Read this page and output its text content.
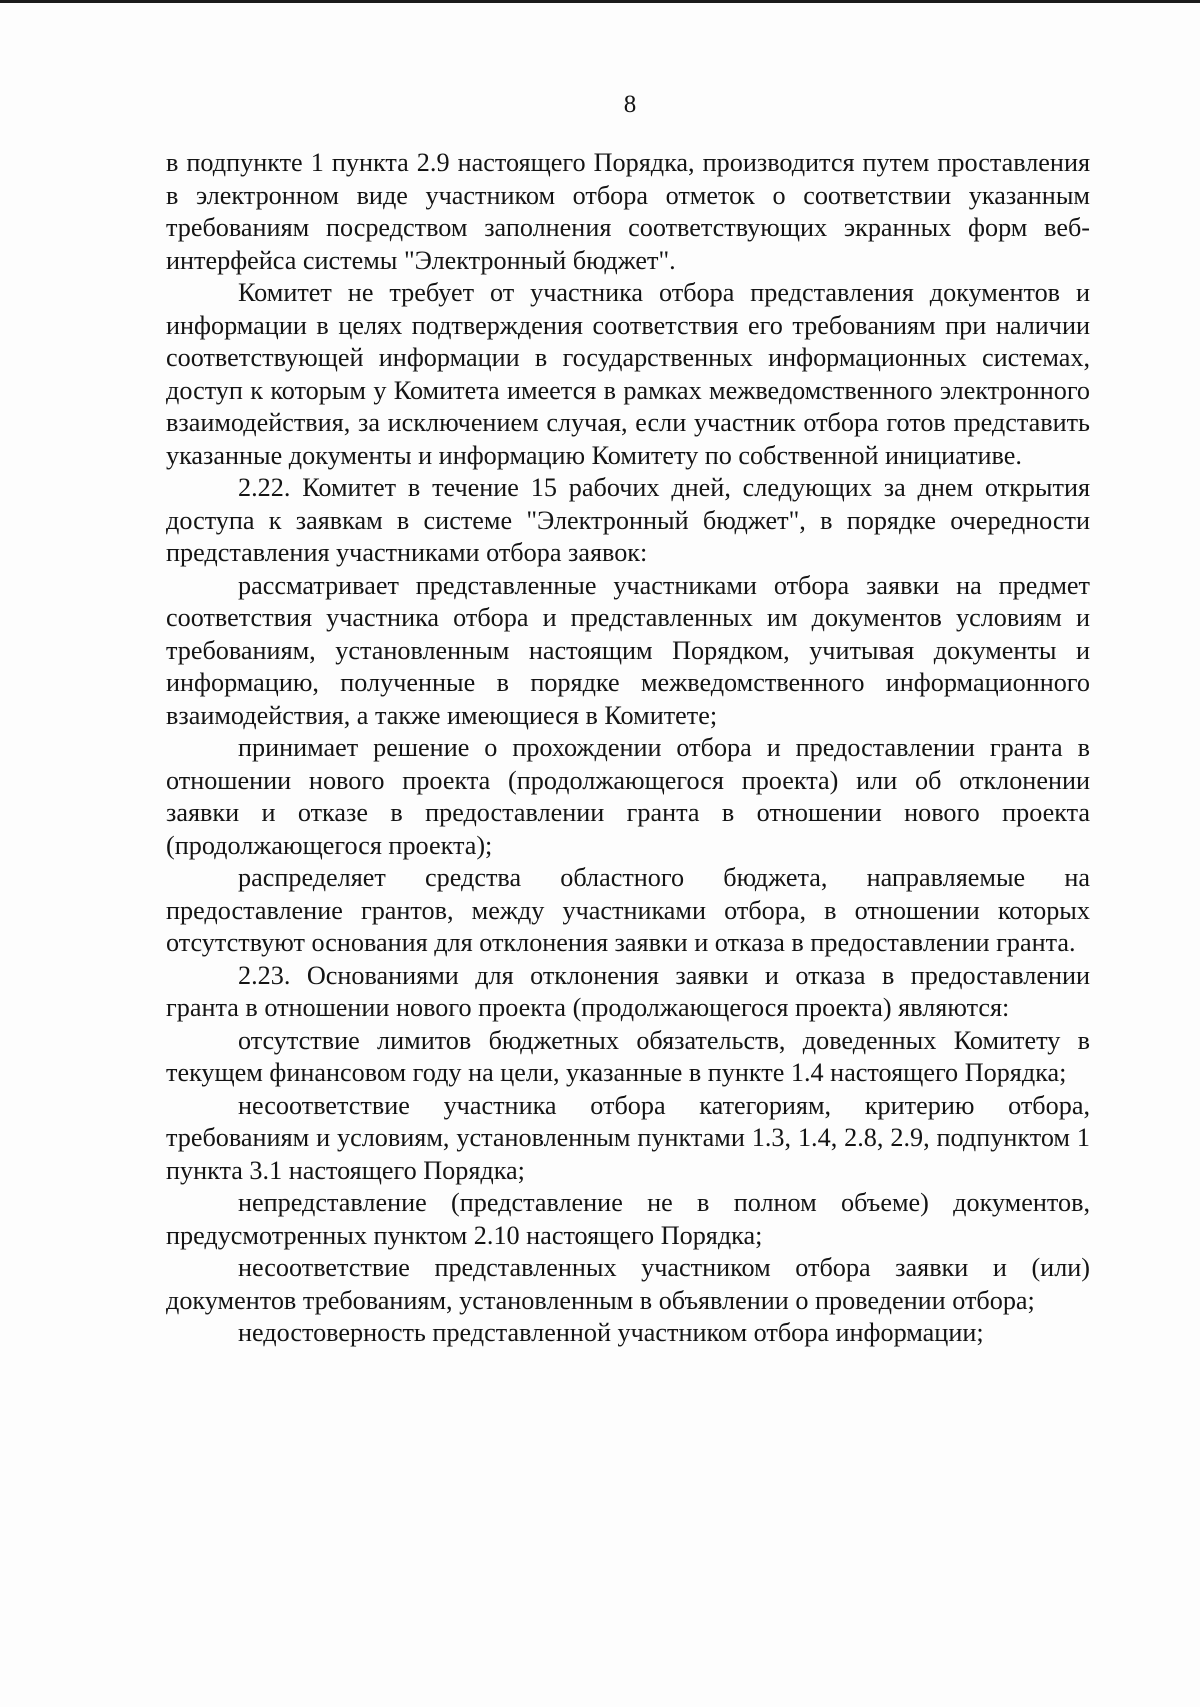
8

в подпункте 1 пункта 2.9 настоящего Порядка, производится путем проставления в электронном виде участником отбора отметок о соответствии указанным требованиям посредством заполнения соответствующих экранных форм веб-интерфейса системы "Электронный бюджет".

Комитет не требует от участника отбора представления документов и информации в целях подтверждения соответствия его требованиям при наличии соответствующей информации в государственных информационных системах, доступ к которым у Комитета имеется в рамках межведомственного электронного взаимодействия, за исключением случая, если участник отбора готов представить указанные документы и информацию Комитету по собственной инициативе.

2.22. Комитет в течение 15 рабочих дней, следующих за днем открытия доступа к заявкам в системе "Электронный бюджет", в порядке очередности представления участниками отбора заявок:

рассматривает представленные участниками отбора заявки на предмет соответствия участника отбора и представленных им документов условиям и требованиям, установленным настоящим Порядком, учитывая документы и информацию, полученные в порядке межведомственного информационного взаимодействия, а также имеющиеся в Комитете;

принимает решение о прохождении отбора и предоставлении гранта в отношении нового проекта (продолжающегося проекта) или об отклонении заявки и отказе в предоставлении гранта в отношении нового проекта (продолжающегося проекта);

распределяет средства областного бюджета, направляемые на предоставление грантов, между участниками отбора, в отношении которых отсутствуют основания для отклонения заявки и отказа в предоставлении гранта.

2.23. Основаниями для отклонения заявки и отказа в предоставлении гранта в отношении нового проекта (продолжающегося проекта) являются:

отсутствие лимитов бюджетных обязательств, доведенных Комитету в текущем финансовом году на цели, указанные в пункте 1.4 настоящего Порядка;

несоответствие участника отбора категориям, критерию отбора, требованиям и условиям, установленным пунктами 1.3, 1.4, 2.8, 2.9, подпунктом 1 пункта 3.1 настоящего Порядка;

непредставление (представление не в полном объеме) документов, предусмотренных пунктом 2.10 настоящего Порядка;

несоответствие представленных участником отбора заявки и (или) документов требованиям, установленным в объявлении о проведении отбора;

недостоверность представленной участником отбора информации;
